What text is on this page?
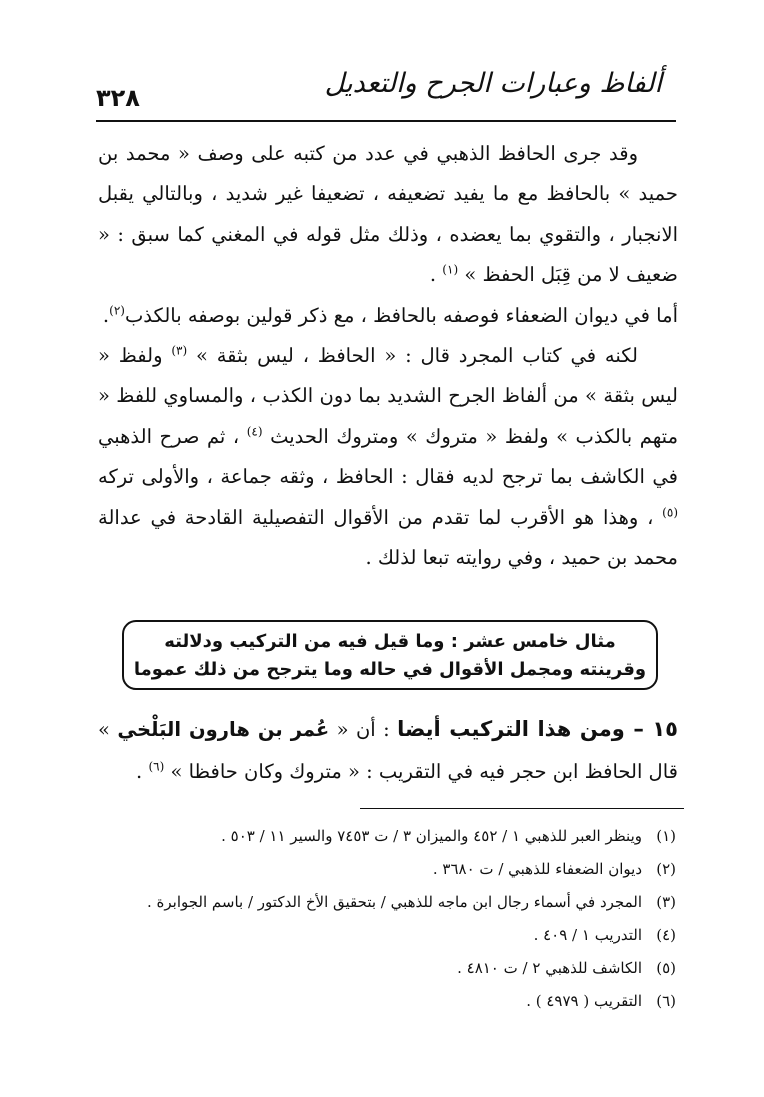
٣٢٨	ألفاظ وعبارات الجرح والتعديل

وقد جرى الحافظ الذهبي في عدد من كتبه على وصف « محمد بن حميد » بالحافظ مع ما يفيد تضعيفه ، تضعيفا غير شديد ، وبالتالي يقبل الانجبار ، والتقوي بما يعضده ، وذلك مثل قوله في المغني كما سبق : « ضعيف لا من قِبَل الحفظ » $^{(١)}$ .

أما في ديوان الضعفاء فوصفه بالحافظ ، مع ذكر قولين بوصفه بالكذب$^{(٢)}$.

لكنه في كتاب المجرد قال : « الحافظ ، ليس بثقة » $^{(٣)}$ ولفظ « ليس بثقة » من ألفاظ الجرح الشديد بما دون الكذب ، والمساوي للفظ « متهم بالكذب » ولفظ « متروك » ومتروك الحديث $^{(٤)}$ ، ثم صرح الذهبي في الكاشف بما ترجح لديه فقال : الحافظ ، وثقه جماعة ، والأولى تركه $^{(٥)}$ ، وهذا هو الأقرب لما تقدم من الأقوال التفصيلية القادحة في عدالة محمد بن حميد ، وفي روايته تبعا لذلك .

مثال خامس عشر : وما قيل فيه من التركيب ودلالته
وقرينته ومجمل الأقوال في حاله وما يترجح من ذلك عموما
١٥ – ومن هذا التركيب أيضا : أن « عُمر بن هارون البَلْخي » قال الحافظ ابن حجر فيه في التقريب : « متروك وكان حافظا » $^{(٦)}$ .
(١)وينظر العبر للذهبي ١ / ٤٥٢ والميزان ٣ / ت ٧٤٥٣ والسير ١١ / ٥٠٣ .
(٢)ديوان الضعفاء للذهبي / ت ٣٦٨٠ .
(٣)المجرد في أسماء رجال ابن ماجه للذهبي / بتحقيق الأخ الدكتور / باسم الجوابرة .
(٤)التدريب ١ / ٤٠٩ .
(٥)الكاشف للذهبي ٢ / ت ٤٨١٠ .
(٦)التقريب ( ٤٩٧٩ ) .
